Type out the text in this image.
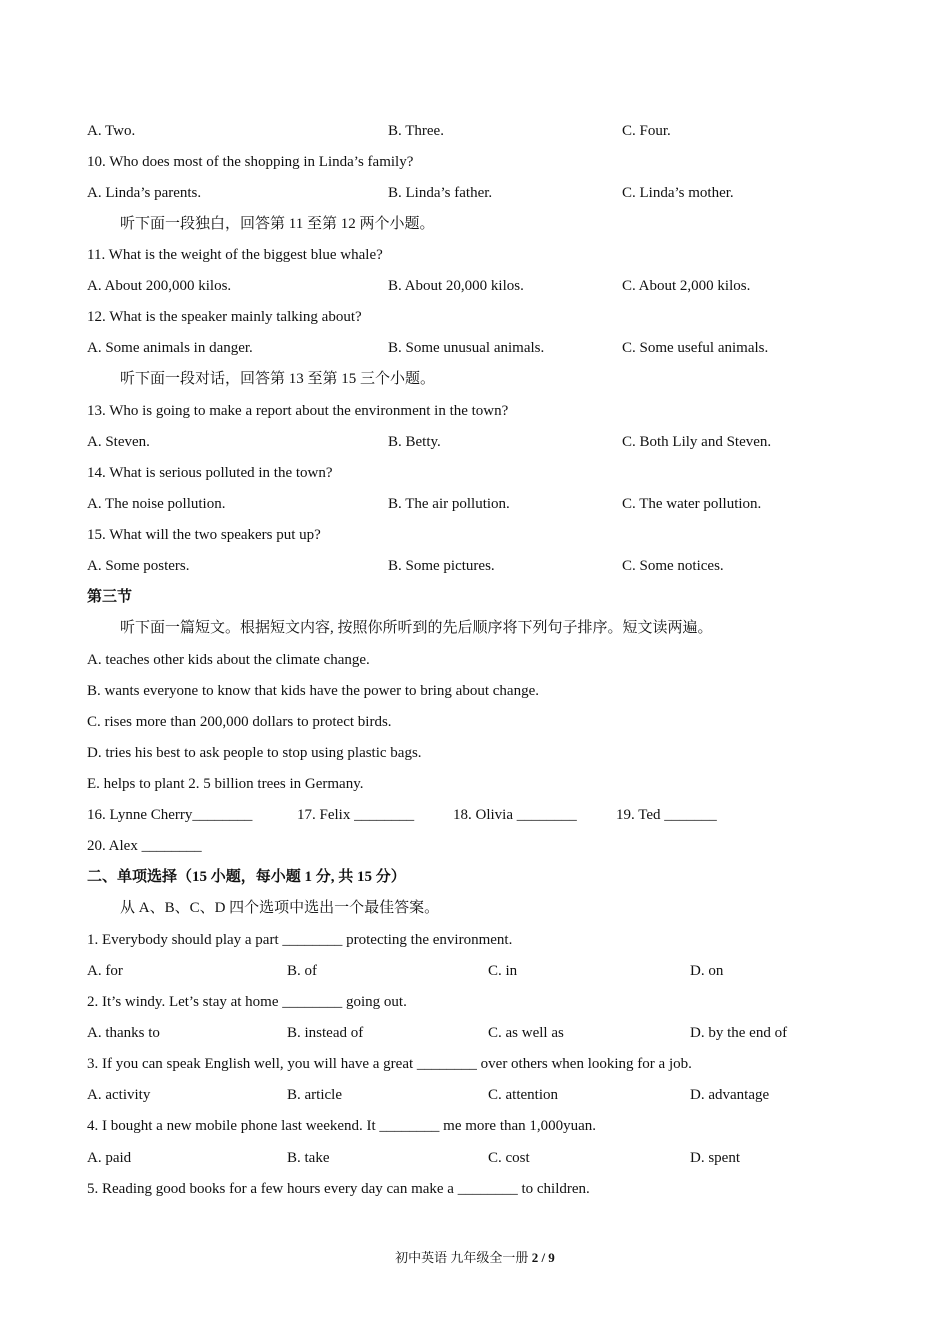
A. Two.	B. Three.	C. Four.
10. Who does most of the shopping in Linda’s family?
A. Linda’s parents.	B. Linda’s father.	C. Linda’s mother.
听下面一段独白，回答第 11 至第 12 两个小题。
11. What is the weight of the biggest blue whale?
A. About 200,000 kilos.	B. About 20,000 kilos.	C. About 2,000 kilos.
12. What is the speaker mainly talking about?
A. Some animals in danger.	B. Some unusual animals.	C. Some useful animals.
听下面一段对话，回答第 13 至第 15 三个小题。
13. Who is going to make a report about the environment in the town?
A. Steven.	B. Betty.	C. Both Lily and Steven.
14. What is serious polluted in the town?
A. The noise pollution.	B. The air pollution.	C. The water pollution.
15. What will the two speakers put up?
A. Some posters.	B. Some pictures.	C. Some notices.
第三节
听下面一篇短文。根据短文内容, 按照你所听到的先后顺序将下列句子排序。短文读两遍。
A. teaches other kids about the climate change.
B. wants everyone to know that kids have the power to bring about change.
C. rises more than 200,000 dollars to protect birds.
D. tries his best to ask people to stop using plastic bags.
E. helps to plant 2. 5 billion trees in Germany.
16. Lynne Cherry________	17. Felix ________	18. Olivia ________	19. Ted _______
20. Alex ________
二、单项选择（15 小题，每小题 1 分, 共 15 分）
从 A、B、C、D 四个选项中选出一个最佳答案。
1. Everybody should play a part ________ protecting the environment.
A. for	B. of	C. in	D. on
2. It’s windy. Let’s stay at home ________ going out.
A. thanks to	B. instead of	C. as well as	D. by the end of
3. If you can speak English well, you will have a great ________ over others when looking for a job.
A. activity	B. article	C. attention	D. advantage
4. I bought a new mobile phone last weekend. It ________ me more than 1,000yuan.
A. paid	B. take	C. cost	D. spent
5. Reading good books for a few hours every day can make a ________ to children.
初中英语 九年级全一册 2 / 9
